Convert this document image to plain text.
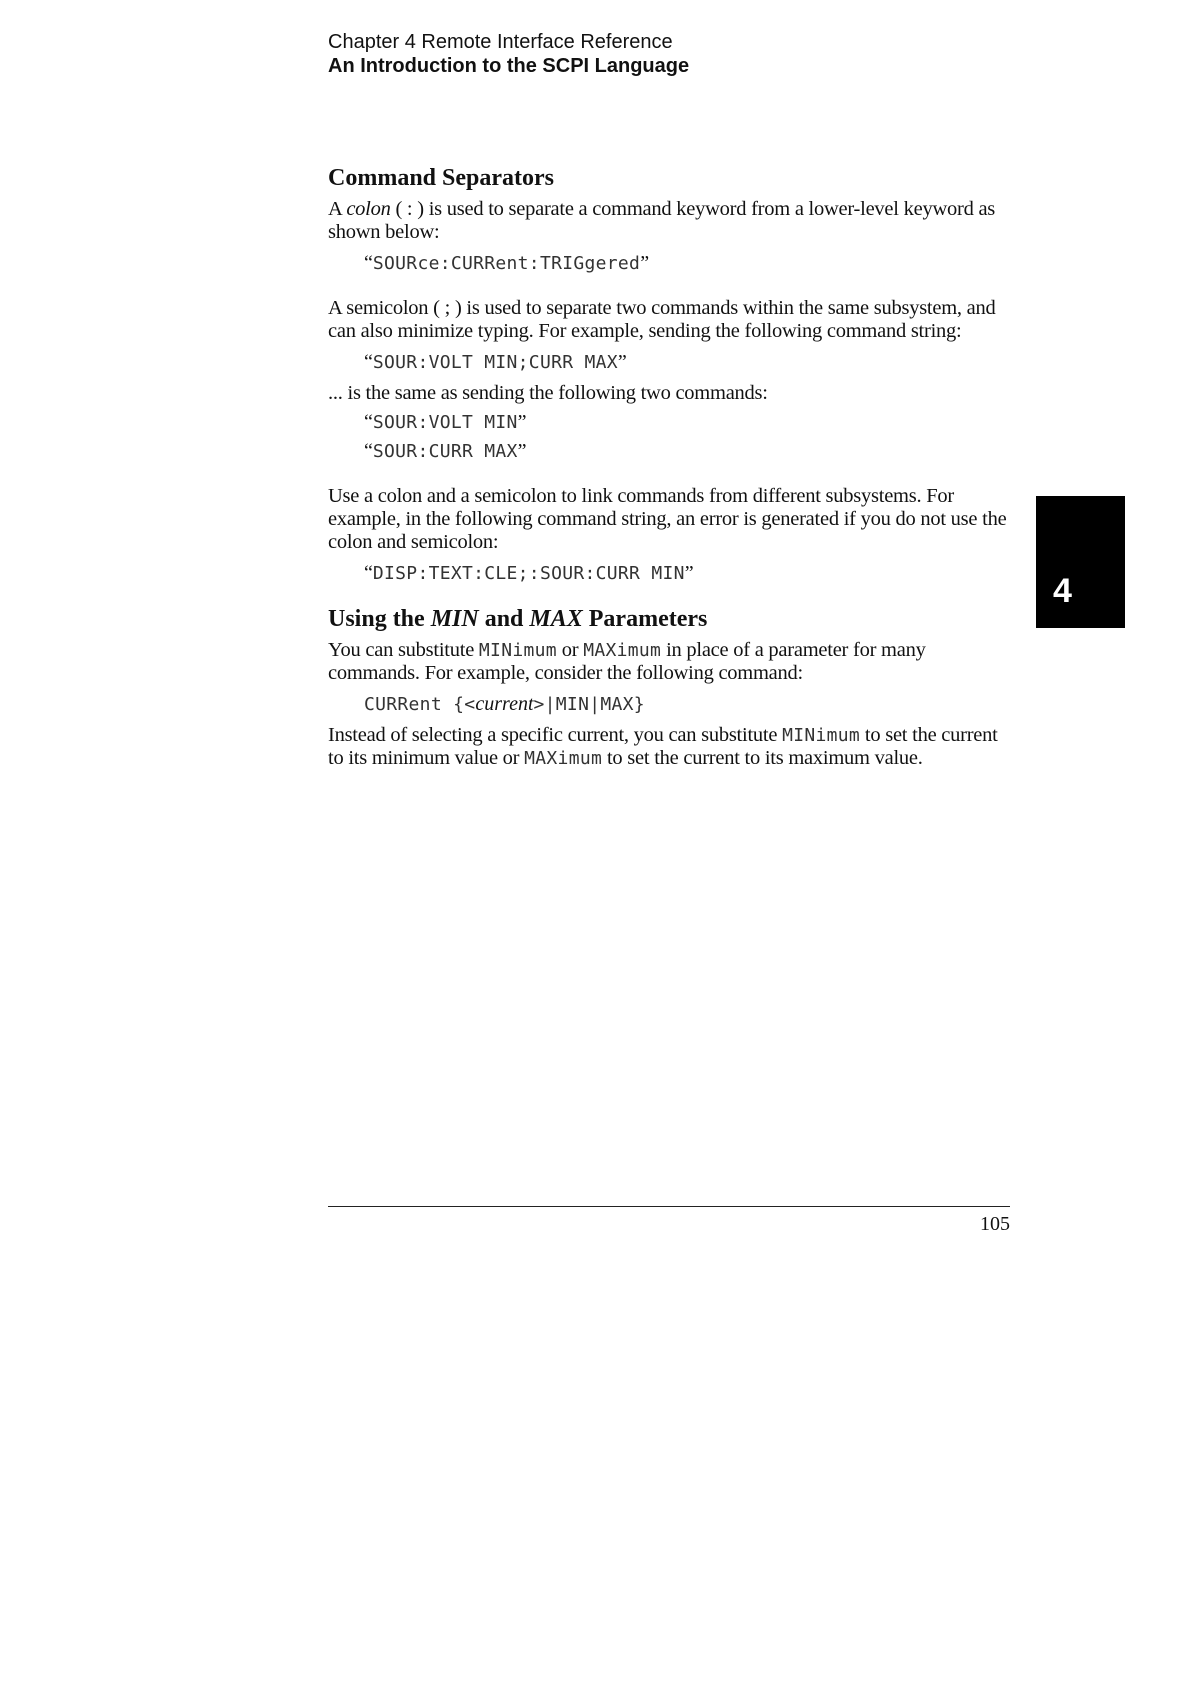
Chapter 4 Remote Interface Reference
An Introduction to the SCPI Language
Command Separators

A colon ( : ) is used to separate a command keyword from a lower-level keyword as shown below:

“SOURce:CURRent:TRIGgered”

A semicolon ( ; ) is used to separate two commands within the same subsystem, and can also minimize typing. For example, sending the following command string:

“SOUR:VOLT MIN;CURR MAX”

... is the same as sending the following two commands:

“SOUR:VOLT MIN”
“SOUR:CURR MAX”

Use a colon and a semicolon to link commands from different subsystems. For example, in the following command string, an error is generated if you do not use the colon and semicolon:

“DISP:TEXT:CLE;:SOUR:CURR MIN”
Using the MIN and MAX Parameters

You can substitute MINimum or MAXimum in place of a parameter for many commands. For example, consider the following command:

CURRent {<current>|MIN|MAX}

Instead of selecting a specific current, you can substitute MINimum to set the current to its minimum value or MAXimum to set the current to its maximum value.

4
105
